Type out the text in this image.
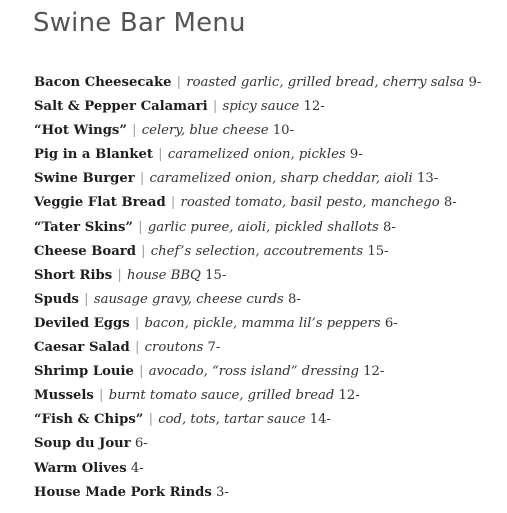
Swine Bar Menu
Bacon Cheesecake | roasted garlic, grilled bread, cherry salsa 9-
Salt & Pepper Calamari | spicy sauce 12-
“Hot Wings” | celery, blue cheese 10-
Pig in a Blanket | caramelized onion, pickles 9-
Swine Burger | caramelized onion, sharp cheddar, aioli 13-
Veggie Flat Bread | roasted tomato, basil pesto, manchego 8-
“Tater Skins” | garlic puree, aioli, pickled shallots 8-
Cheese Board | chef’s selection, accoutrements 15-
Short Ribs | house BBQ 15-
Spuds | sausage gravy, cheese curds 8-
Deviled Eggs | bacon, pickle, mamma lil’s peppers 6-
Caesar Salad | croutons 7-
Shrimp Louie | avocado, “ross island” dressing 12-
Mussels | burnt tomato sauce, grilled bread 12-
“Fish & Chips” | cod, tots, tartar sauce 14-
Soup du Jour 6-
Warm Olives 4-
House Made Pork Rinds 3-
